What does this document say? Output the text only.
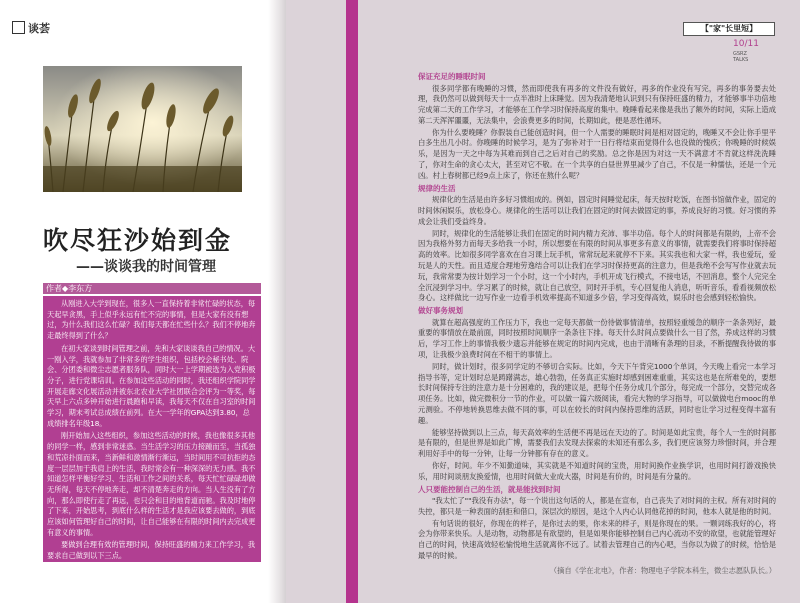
谈荟
吹尽狂沙始到金
——谈谈我的时间管理
作者◆李东方

从刚进入大学到现在，很多人一直保持着非常忙碌的状态，每天起早贪黑，手上似乎永远有忙不完的事情，但是大家有没有想过，为什么我们这么忙碌？我们每天都在忙些什么？我们不停地奔走最终得到了什么？

在初大家谈到时间管理之前，先和大家谈谈我自己的情况。大一刚入学，我就参加了非常多的学生组织，包括校会秘书处、院会、分团委和微尘志愿者服务队，同时大一上学期被选为入党积极分子，进行党课培训。在参加这些活动的同时，我还组织学院同学开展走廊文化展活动并被东北农业大学社团联合会评为一等奖，每天早上六点多钟开始进行晨跑和早读，我每天不仅在自习室的时间学习，期末考试总成绩在前列。在大一学年的GPA达到3.80，总成绩排名年级18。

刚开始加入这些组织，参加这些活动的时候，我也像很多其他的同学一样，感到非常迷惑。当生活学习的压力接踵而至，当孤独和荒凉扑面而来，当新鲜和激情渐行渐远，当时间用不可抗拒的态度一层层加于我肩上的生活，我时常会有一种深深的无力感。我不知道怎样平衡好学习、生活和工作之间的关系，每天忙忙碌碌却做无所得，每天不停地奔走，却不清楚奔走的方向。当人生没有了方向，那么即使行走了再远，也只会和目的地背道而驰。我及时地停了下来，开始思考，到底什么样的生活才是我应该要去做的，到底应该如何管理好自己的时间，让自己能够在有限的时间内去完成更有意义的事情。

要做到合理有效的管理时间，保持旺盛的精力来工作学习，我要求自己做到以下三点。

【"家"长里短】
10/11
GSRZ
TALKS
保证充足的睡眠时间

很多同学都有晚睡的习惯，然而即使我有再多的文件没有做好，再多的作业没有写完，再多的事务要去处理，我仍然可以做到每天十一点半准时上床睡觉。因为我清楚地认识到只有保持旺盛的精力，才能够事半功倍地完成第二天的工作学习，才能够在工作学习时保持高度的集中。晚睡看起来像是我出了额外的时间，实际上造成第二天浑浑噩噩，无法集中，会浪费更多的时间，长期如此，便是恶性循环。

你为什么要晚睡？你假装自己能创造时间，但一个人需要的睡眠时间是相对固定的，晚睡又不会让你手里平白多生出几小时。你晚睡的时候学习，是为了弥补对于一日行将结束而觉得什么也没做的愧疚；你晚睡的时候娱乐，是因为一天之中每为其难而到自己之后对自己的奖励。总之你是因为对这一天不满意才不肯就这样洗洗睡了，你对生命的贪心太大，甚至对它不敬。在一个共享的白昼世界里减少了自己，不仅是一种懦怯，还是一个元凶。村上春树都已经9点上床了，你还在熬什么呢？

规律的生活

规律化的生活是由许多好习惯组成的。例如，固定时间睡觉起床，每天按时吃饭，在图书馆做作业，固定的时间休闲娱乐，放松身心。规律化的生活可以让我们在固定的时间去做固定的事，养成良好的习惯。好习惯的养成会让我们受益终身。

同时，规律化的生活能够让我们在固定的时间内精力充沛、事半功倍。每个人的时间都是有限的，上帝不会因为我格外努力而每天多给我一小时，所以想要在有限的时间从事更多有意义的事情，就需要我们将事时保持超高的效率。比如很多同学喜欢在自习课上玩手机，常常玩起来就停不下来。其实我也和大家一样，我也爱玩，爱玩是人的天性。而且适度合理地劳逸结合可以让我们在学习时保持更高的注意力，但是我绝不会写写作业就去玩玩，我常常要为按计划学习一个小时，这一个小时内，手机开成飞行模式，不接电话，不回消息，整个人完完全全沉浸到学习中。学习累了的时候，就让自己放空，同时开手机，专心回复他人消息，听听音乐，看看视频放松身心。这样做比一边写作业一边看手机效率提高不知道多少倍，学习变得高效，娱乐时也会感到轻松愉快。

做好事务规划

就算在超高强度的工作压力下，我也一定每天都做一份待做事情清单，按照轻重缓急的顺序一条条列好，最重要的事情放在最前面，同时按照时间顺序一条条往下排。每天什么时间点要做什么一目了然，养成这样的习惯后，学习工作上的事情我极少遗忘并能够在规定的时间内完成，也由于清晰有条理的目录，不断提醒我待做的事项，让我极少浪费时间在不相干的事情上。

同时，做计划时，很多同学定的不够切合实际。比如，今天下午背完1000个单词，今天晚上看完一本学习指导书等，定计划时总是踌躇满志，雄心勃勃，任务真正实施时却感到困难重重，其实这也是在所难免的，要想长时间保持专注的注意力是十分困难的，我的建议是，把每个任务分成几个部分，每完成一个部分，交替完成各项任务。比如，做完微积分一节的作业，可以做一篇六级阅读，看完大物的学习指导，可以做做电台mooc的单元测验。不停地转换思维去做不同的事，可以在较长的时间内保持思维的活跃，同时也让学习过程变得丰富有趣。

能够坚持做到以上三点，每天高效率的生活便不再是远在天边的了。时间是如此宝贵，每个人一生的时间都是有限的，但是世界是如此广博，需要我们去发现去探索的未知还有那么多，我们更应该努力珍惜时间，并合理利用好手中的每一分钟，让每一分钟都有存在的意义。

你好，时间。年少不知勤道味，其实就是不知道时间的宝贵，用时间换作业换学识，也用时间打游戏换快乐，用时间谈朋友换爱情，也用时间做大业成大器，时间是有价的，时间是有分量的。

人只要能控制自己的生活，就是能找到时间

"我太忙了""我没有办法"，每一个说出这句话的人，都是在宣布，自己丧失了对时间的主权。所有对时间的失控，都只是一种表面的刮拒和借口，深层次的原因，是这个人内心认同他花掉的时间，他本人就是他的时间。

有句话说的很好，你现在的样子，是你过去的果，你未来的样子，则是你现在的果。一颗词练我好的心，将会为你带来快乐。人是动物，动物都是有欲望的，但是如果你能够控制自己内心流动不安的欲望，也就能管理好自己的时间，快速高效轻松愉悦地生活就离你不远了。试着去管理自己的内心吧，当你以为做了的时候，恰恰是最早的时候。

（摘自《学在北电》，作者：物理电子学院本科生，微尘志愿队队长。）
